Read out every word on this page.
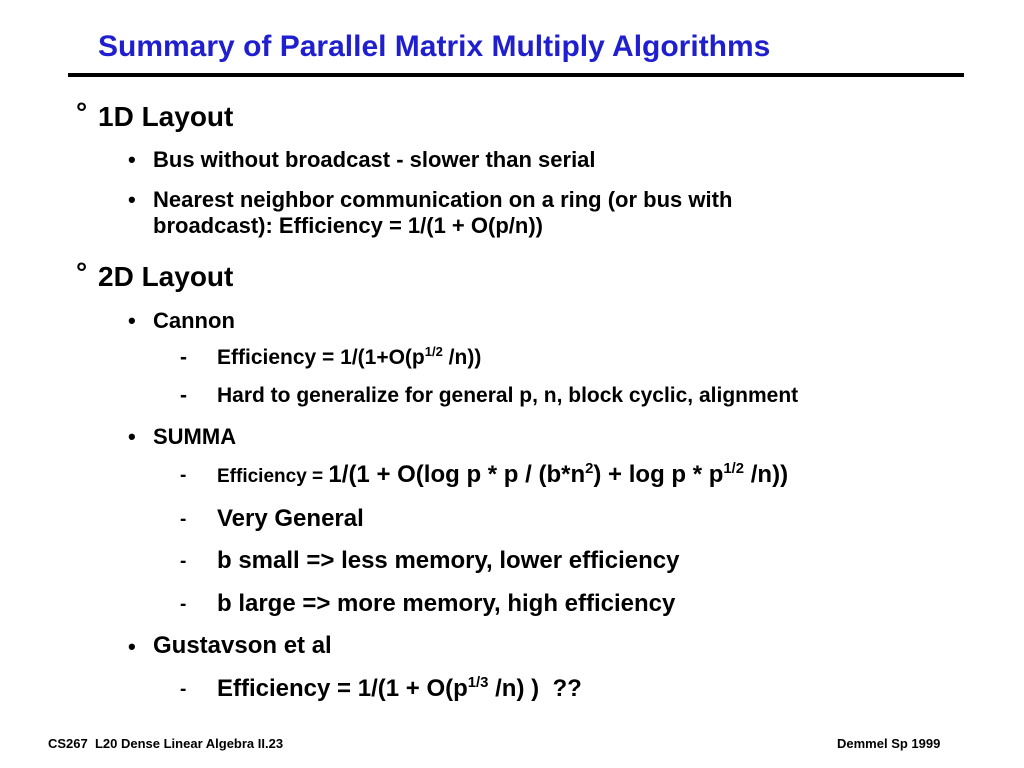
Summary of Parallel Matrix Multiply Algorithms
° 1D Layout
• Bus without broadcast - slower than serial
• Nearest neighbor communication on a ring (or bus with
broadcast): Efficiency = 1/(1 + O(p/n))
° 2D Layout
• Cannon
- Efficiency = $1/(1+O(p^{1/2}$ /n))
- Hard to generalize for general p, n, block cyclic, alignment
• SUMMA
- Efficiency = 1/(1 + O(log $p * p / (b*n^2) + \log p * p^{1/2}$ /n))
- Very General
- b small => less memory, lower efficiency
- b large => more memory, high efficiency
• Gustavson et al
- Efficiency = $1/(1 + O(p^{1/3}$ /n) )  ??
CS267  L20 Dense Linear Algebra II.23	Demmel Sp 1999
